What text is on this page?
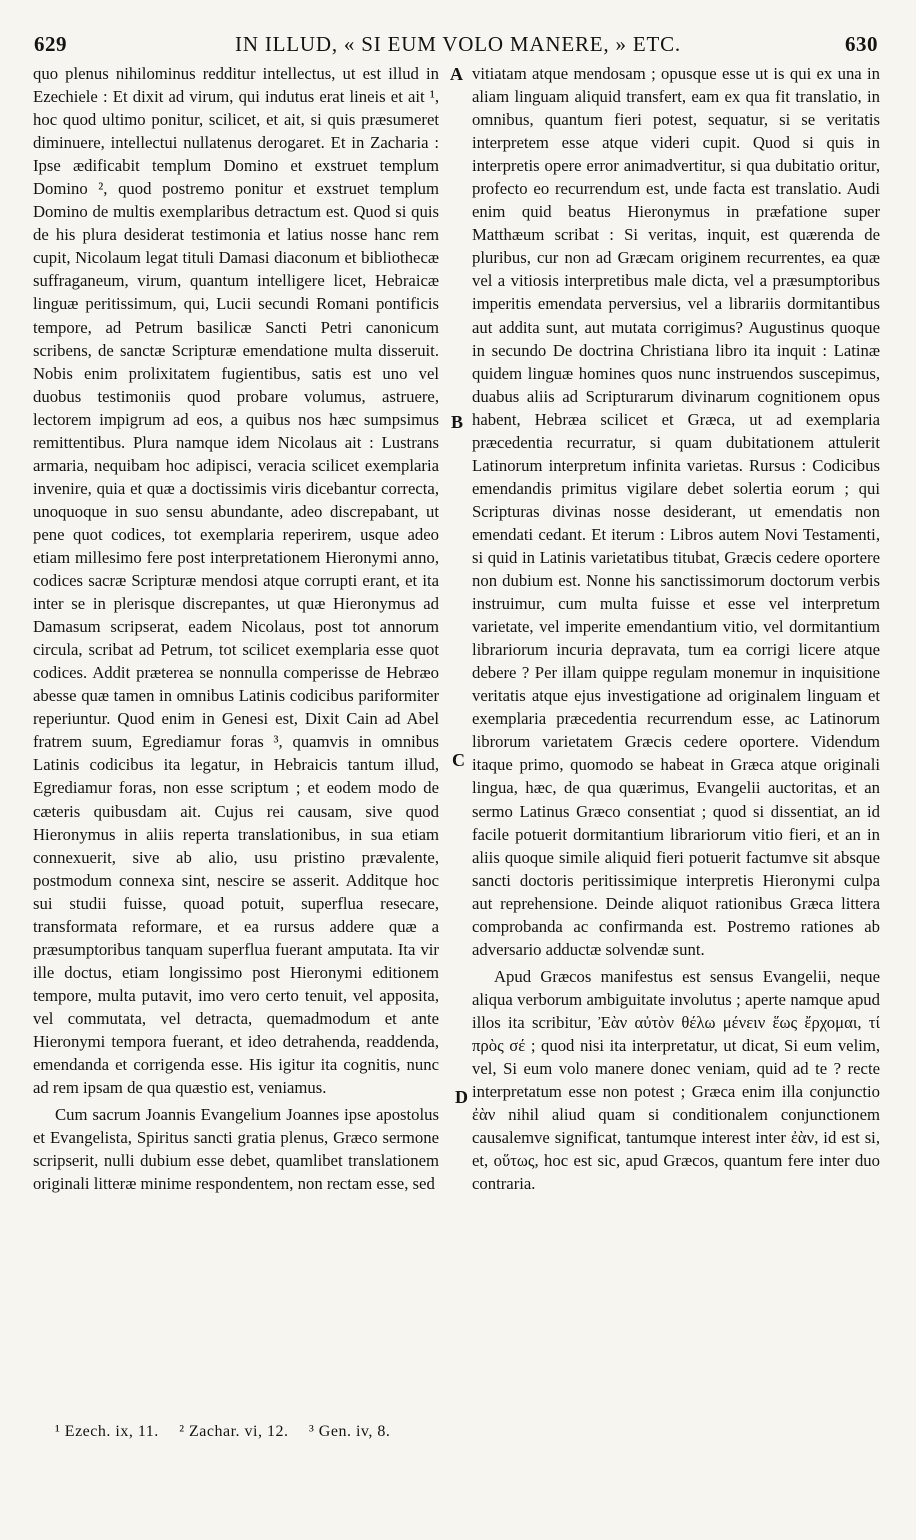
629	IN ILLUD, « SI EUM VOLO MANERE, » ETC.	630

quo plenus nihilominus redditur intellectus, ut est illud in Ezechiele : Et dixit ad virum, qui indutus erat lineis et ait ¹, hoc quod ultimo ponitur, scilicet, et ait, si quis præsumeret diminuere, intellectui nullatenus derogaret. Et in Zacharia : Ipse ædificabit templum Domino et exstruet templum Domino ², quod postremo ponitur et exstruet templum Domino de multis exemplaribus detractum est. Quod si quis de his plura desiderat testimonia et latius nosse hanc rem cupit, Nicolaum legat tituli Damasi diaconum et bibliothecæ suffraganeum, virum, quantum intelligere licet, Hebraicæ linguæ peritissimum, qui, Lucii secundi Romani pontificis tempore, ad Petrum basilicæ Sancti Petri canonicum scribens, de sanctæ Scripturæ emendatione multa disseruit. Nobis enim prolixitatem fugientibus, satis est uno vel duobus testimoniis quod probare volumus, astruere, lectorem impigrum ad eos, a quibus nos hæc sumpsimus remittentibus. Plura namque idem Nicolaus ait : Lustrans armaria, nequibam hoc adipisci, veracia scilicet exemplaria invenire, quia et quæ a doctissimis viris dicebantur correcta, unoquoque in suo sensu abundante, adeo discrepabant, ut pene quot codices, tot exemplaria reperirem, usque adeo etiam millesimo fere post interpretationem Hieronymi anno, codices sacræ Scripturæ mendosi atque corrupti erant, et ita inter se in plerisque discrepantes, ut quæ Hieronymus ad Damasum scripserat, eadem Nicolaus, post tot annorum circula, scribat ad Petrum, tot scilicet exemplaria esse quot codices. Addit præterea se nonnulla comperisse de Hebræo abesse quæ tamen in omnibus Latinis codicibus pariformiter reperiuntur. Quod enim in Genesi est, Dixit Cain ad Abel fratrem suum, Egrediamur foras ³, quamvis in omnibus Latinis codicibus ita legatur, in Hebraicis tantum illud, Egrediamur foras, non esse scriptum ; et eodem modo de cæteris quibusdam ait. Cujus rei causam, sive quod Hieronymus in aliis reperta translationibus, in sua etiam connexuerit, sive ab alio, usu pristino prævalente, postmodum connexa sint, nescire se asserit. Additque hoc sui studii fuisse, quoad potuit, superflua resecare, transformata reformare, et ea rursus addere quæ a præsumptoribus tanquam superflua fuerant amputata. Ita vir ille doctus, etiam longissimo post Hieronymi editionem tempore, multa putavit, imo vero certo tenuit, vel apposita, vel commutata, vel detracta, quemadmodum et ante Hieronymi tempora fuerant, et ideo detrahenda, readdenda, emendanda et corrigenda esse. His igitur ita cognitis, nunc ad rem ipsam de qua quæstio est, veniamus.

Cum sacrum Joannis Evangelium Joannes ipse apostolus et Evangelista, Spiritus sancti gratia plenus, Græco sermone scripserit, nulli dubium esse debet, quamlibet translationem originali litteræ minime respondentem, non rectam esse, sed

vitiatam atque mendosam ; opusque esse ut is qui ex una in aliam linguam aliquid transfert, eam ex qua fit translatio, in omnibus, quantum fieri potest, sequatur, si se veritatis interpretem esse atque videri cupit. Quod si quis in interpretis opere error animadvertitur, si qua dubitatio oritur, profecto eo recurrendum est, unde facta est translatio. Audi enim quid beatus Hieronymus in præfatione super Matthæum scribat : Si veritas, inquit, est quærenda de pluribus, cur non ad Græcam originem recurrentes, ea quæ vel a vitiosis interpretibus male dicta, vel a præsumptoribus imperitis emendata perversius, vel a librariis dormitantibus aut addita sunt, aut mutata corrigimus? Augustinus quoque in secundo De doctrina Christiana libro ita inquit : Latinæ quidem linguæ homines quos nunc instruendos suscepimus, duabus aliis ad Scripturarum divinarum cognitionem opus habent, Hebræa scilicet et Græca, ut ad exemplaria præcedentia recurratur, si quam dubitationem attulerit Latinorum interpretum infinita varietas. Rursus : Codicibus emendandis primitus vigilare debet solertia eorum ; qui Scripturas divinas nosse desiderant, ut emendatis non emendati cedant. Et iterum : Libros autem Novi Testamenti, si quid in Latinis varietatibus titubat, Græcis cedere oportere non dubium est. Nonne his sanctissimorum doctorum verbis instruimur, cum multa fuisse et esse vel interpretum varietate, vel imperite emendantium vitio, vel dormitantium librariorum incuria depravata, tum ea corrigi licere atque debere ? Per illam quippe regulam monemur in inquisitione veritatis atque ejus investigatione ad originalem linguam et exemplaria præcedentia recurrendum esse, ac Latinorum librorum varietatem Græcis cedere oportere. Videndum itaque primo, quomodo se habeat in Græca atque originali lingua, hæc, de qua quærimus, Evangelii auctoritas, et an sermo Latinus Græco consentiat ; quod si dissentiat, an id facile potuerit dormitantium librariorum vitio fieri, et an in aliis quoque simile aliquid fieri potuerit factumve sit absque sancti doctoris peritissimique interpretis Hieronymi culpa aut reprehensione. Deinde aliquot rationibus Græca littera comprobanda ac confirmanda est. Postremo rationes ab adversario adductæ solvendæ sunt.

Apud Græcos manifestus est sensus Evangelii, neque aliqua verborum ambiguitate involutus ; aperte namque apud illos ita scribitur, Ἐὰν αὐτὸν θέλω μένειν ἕως ἔρχομαι, τί πρὸς σέ ; quod nisi ita interpretatur, ut dicat, Si eum velim, vel, Si eum volo manere donec veniam, quid ad te ? recte interpretatum esse non potest ; Græca enim illa conjunctio ἐὰν nihil aliud quam si conditionalem conjunctionem causalemve significat, tantumque interest inter ἐὰν, id est si, et, οὕτως, hoc est sic, apud Græcos, quantum fere inter duo contraria.

A
B
C
D
¹ Ezech. ix, 11. ² Zachar. vi, 12. ³ Gen. iv, 8.
